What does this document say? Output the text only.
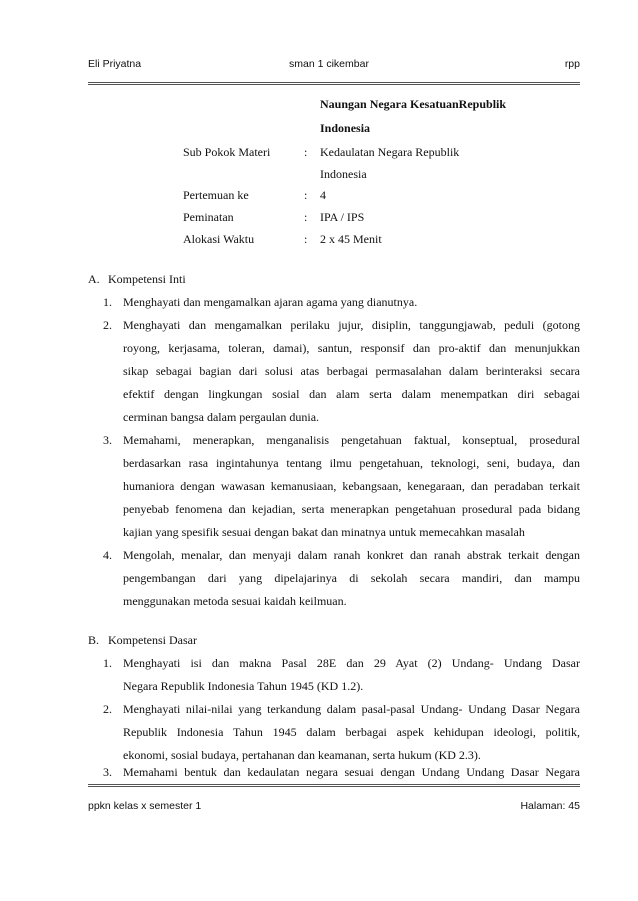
Eli Priyatna	sman 1 cikembar	rpp
Naungan Negara KesatuanRepublik
Indonesia
Sub Pokok Materi	: Kedaulatan Negara Republik
Indonesia
Pertemuan ke	: 4
Peminatan	: IPA / IPS
Alokasi Waktu	: 2 x 45 Menit
A. Kompetensi Inti
1. Menghayati dan mengamalkan ajaran agama yang dianutnya.
2. Menghayati dan mengamalkan perilaku jujur, disiplin, tanggungjawab, peduli (gotong
royong, kerjasama, toleran, damai), santun, responsif dan pro-aktif dan menunjukkan
sikap sebagai bagian dari solusi atas berbagai permasalahan dalam berinteraksi secara
efektif dengan lingkungan sosial dan alam serta dalam menempatkan diri sebagai
cerminan bangsa dalam pergaulan dunia.
3. Memahami, menerapkan, menganalisis pengetahuan faktual, konseptual, prosedural
berdasarkan rasa ingintahunya tentang ilmu pengetahuan, teknologi, seni, budaya, dan
humaniora dengan wawasan kemanusiaan, kebangsaan, kenegaraan, dan peradaban terkait
penyebab fenomena dan kejadian, serta menerapkan pengetahuan prosedural pada bidang
kajian yang spesifik sesuai dengan bakat dan minatnya untuk memecahkan masalah
4. Mengolah, menalar, dan menyaji dalam ranah konkret dan ranah abstrak terkait dengan
pengembangan dari yang dipelajarinya di sekolah secara mandiri, dan mampu
menggunakan metoda sesuai kaidah keilmuan.
B. Kompetensi Dasar
1. Menghayati isi dan makna Pasal 28E dan 29 Ayat (2) Undang- Undang Dasar
Negara Republik Indonesia Tahun 1945 (KD 1.2).
2. Menghayati nilai-nilai yang terkandung dalam pasal-pasal Undang- Undang Dasar Negara
Republik Indonesia Tahun 1945 dalam berbagai aspek kehidupan ideologi, politik,
ekonomi, sosial budaya, pertahanan dan keamanan, serta hukum (KD 2.3).
3. Memahami bentuk dan kedaulatan negara sesuai dengan Undang Undang Dasar Negara
ppkn kelas x semester 1	Halaman: 45
